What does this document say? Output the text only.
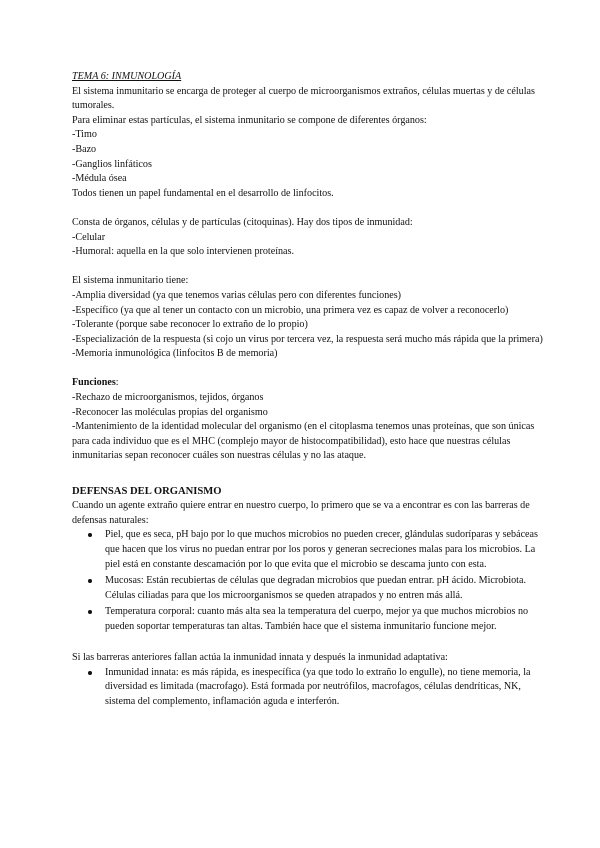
TEMA 6: INMUNOLOGÍA

El sistema inmunitario se encarga de proteger al cuerpo de microorganismos extraños, células muertas y de células tumorales.

Para eliminar estas partículas, el sistema inmunitario se compone de diferentes órganos:

-Timo

-Bazo

-Ganglios linfáticos

-Médula ósea

Todos tienen un papel fundamental en el desarrollo de linfocitos.

Consta de órganos, células y de partículas (citoquinas). Hay dos tipos de inmunidad:

-Celular

-Humoral: aquella en la que solo intervienen proteínas.

El sistema inmunitario tiene:

-Amplia diversidad (ya que tenemos varias células pero con diferentes funciones)

-Específico (ya que al tener un contacto con un microbio, una primera vez es capaz de volver a reconocerlo)

-Tolerante (porque sabe reconocer lo extraño de lo propio)

-Especialización de la respuesta (si cojo un virus por tercera vez, la respuesta será mucho más rápida que la primera)

-Memoria inmunológica (linfocitos B de memoria)

Funciones:

-Rechazo de microorganismos, tejidos, órganos

-Reconocer las moléculas propias del organismo

-Mantenimiento de la identidad molecular del organismo (en el citoplasma tenemos unas proteínas, que son únicas para cada individuo que es el MHC (complejo mayor de histocompatibilidad), esto hace que nuestras células inmunitarias sepan reconocer cuáles son nuestras células y no las ataque.

DEFENSAS DEL ORGANISMO

Cuando un agente extraño quiere entrar en nuestro cuerpo, lo primero que se va a encontrar es con las barreras de defensas naturales:

Piel, que es seca, pH bajo por lo que muchos microbios no pueden crecer, glándulas sudoríparas y sebáceas que hacen que los virus no puedan entrar por los poros y generan secreciones malas para los microbios. La piel está en constante descamación por lo que evita que el microbio se descama junto con esta.
Mucosas: Están recubiertas de células que degradan microbios que puedan entrar. pH ácido. Microbiota. Células ciliadas para que los microorganismos se queden atrapados y no entren más allá.
Temperatura corporal: cuanto más alta sea la temperatura del cuerpo, mejor ya que muchos microbios no pueden soportar temperaturas tan altas. También hace que el sistema inmunitario funcione mejor.

Si las barreras anteriores fallan actúa la inmunidad innata y después la inmunidad adaptativa:

Inmunidad innata: es más rápida, es inespecífica (ya que todo lo extraño lo engulle), no tiene memoria, la diversidad es limitada (macrofago). Está formada por neutrófilos, macrofagos, células dendríticas, NK, sistema del complemento, inflamación aguda e interferón.
